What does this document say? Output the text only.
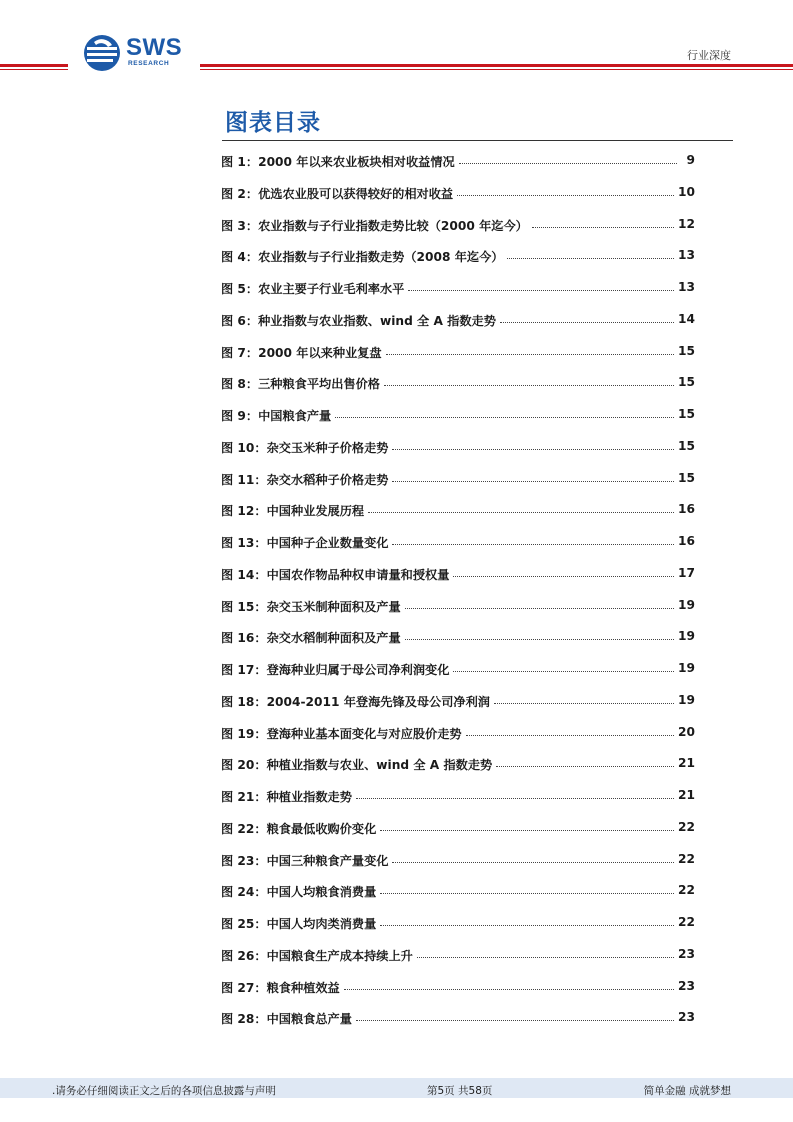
SWS
RESEARCH
行业深度
图表目录
图 1：2000 年以来农业板块相对收益情况	9
图 2：优选农业股可以获得较好的相对收益	10
图 3：农业指数与子行业指数走势比较（2000 年迄今）	12
图 4：农业指数与子行业指数走势（2008 年迄今）	13
图 5：农业主要子行业毛利率水平	13
图 6：种业指数与农业指数、wind 全 A 指数走势	14
图 7：2000 年以来种业复盘	15
图 8：三种粮食平均出售价格	15
图 9：中国粮食产量	15
图 10：杂交玉米种子价格走势	15
图 11：杂交水稻种子价格走势	15
图 12：中国种业发展历程	16
图 13：中国种子企业数量变化	16
图 14：中国农作物品种权申请量和授权量	17
图 15：杂交玉米制种面积及产量	19
图 16：杂交水稻制种面积及产量	19
图 17：登海种业归属于母公司净利润变化	19
图 18：2004-2011 年登海先锋及母公司净利润	19
图 19：登海种业基本面变化与对应股价走势	20
图 20：种植业指数与农业、wind 全 A 指数走势	21
图 21：种植业指数走势	21
图 22：粮食最低收购价变化	22
图 23：中国三种粮食产量变化	22
图 24：中国人均粮食消费量	22
图 25：中国人均肉类消费量	22
图 26：中国粮食生产成本持续上升	23
图 27：粮食种植效益	23
图 28：中国粮食总产量	23
.请务必仔细阅读正文之后的各项信息披露与声明	第5页 共58页	简单金融 成就梦想
